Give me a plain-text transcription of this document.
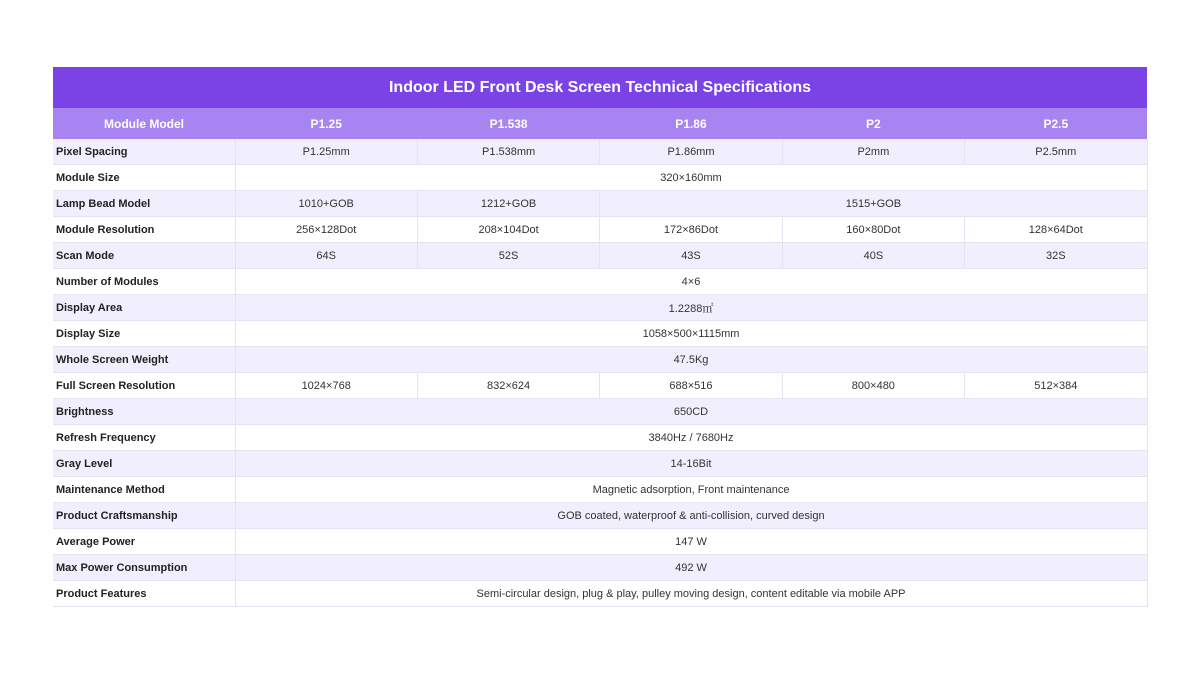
Indoor LED Front Desk Screen Technical Specifications					
Module Model	P1.25	P1.538	P1.86	P2	P2.5
Pixel Spacing	P1.25mm	P1.538mm	P1.86mm	P2mm	P2.5mm
Module Size	320×160mm				
Lamp Bead Model	1010+GOB	1212+GOB	1515+GOB		
Module Resolution	256×128Dot	208×104Dot	172×86Dot	160×80Dot	128×64Dot
Scan Mode	64S	52S	43S	40S	32S
Number of Modules	4×6				
Display Area	1.2288㎡				
Display Size	1058×500×1115mm				
Whole Screen Weight	47.5Kg				
Full Screen Resolution	1024×768	832×624	688×516	800×480	512×384
Brightness	650CD				
Refresh Frequency	3840Hz / 7680Hz				
Gray Level	14-16Bit				
Maintenance Method	Magnetic adsorption, Front maintenance				
Product Craftsmanship	GOB coated, waterproof & anti-collision, curved design				
Average Power	147 W				
Max Power Consumption	492 W				
Product Features	Semi-circular design, plug & play, pulley moving design, content editable via mobile APP				
